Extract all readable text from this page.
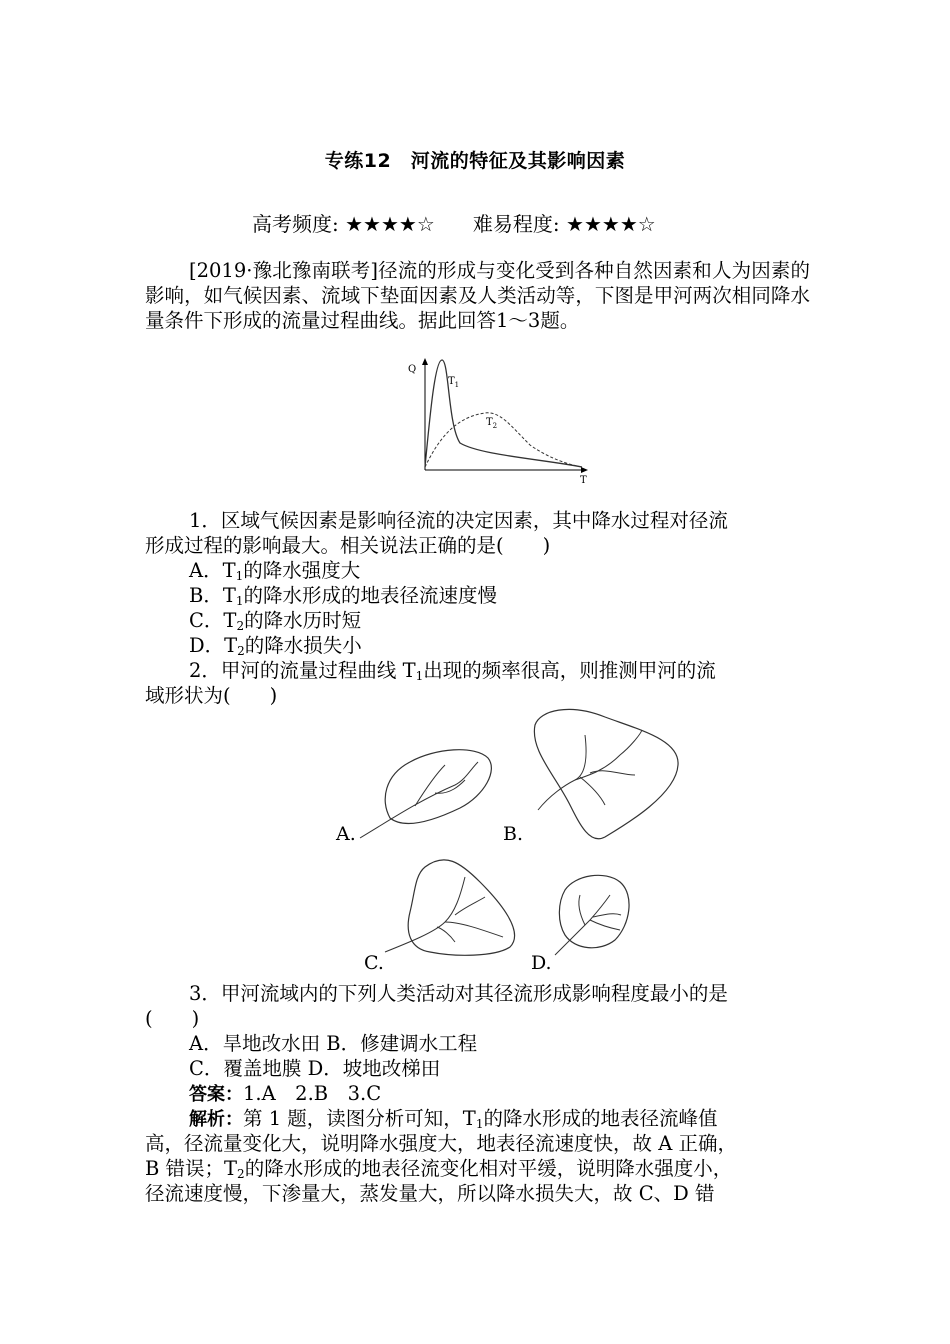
专练12　河流的特征及其影响因素
高考频度: ★★★★☆ 难易程度: ★★★★☆
[2019·豫北豫南联考]径流的形成与变化受到各种自然因素和人为因素的影响，如气候因素、流域下垫面因素及人类活动等，下图是甲河两次相同降水量条件下形成的流量过程曲线。据此回答1～3题。
Q
T
$T_1$
$T_2$
1．区域气候因素是影响径流的决定因素，其中降水过程对径流
形成过程的影响最大。相关说法正确的是(　　)
A．$T_1$的降水强度大
B．$T_1$的降水形成的地表径流速度慢
C．$T_2$的降水历时短
D．$T_2$的降水损失小
2．甲河的流量过程曲线 $T_1$出现的频率很高，则推测甲河的流
域形状为(　　)
A.	B.
C.	D.
3．甲河流域内的下列人类活动对其径流形成影响程度最小的是
(　　)
A．旱地改水田 B．修建调水工程
C．覆盖地膜 D．坡地改梯田
答案：1.A　2.B　3.C
解析：第 1 题，读图分析可知，$T_1$的降水形成的地表径流峰值
高，径流量变化大，说明降水强度大，地表径流速度快，故 A 正确，
B 错误；$T_2$的降水形成的地表径流变化相对平缓，说明降水强度小，
径流速度慢，下渗量大，蒸发量大，所以降水损失大，故 C、D 错
